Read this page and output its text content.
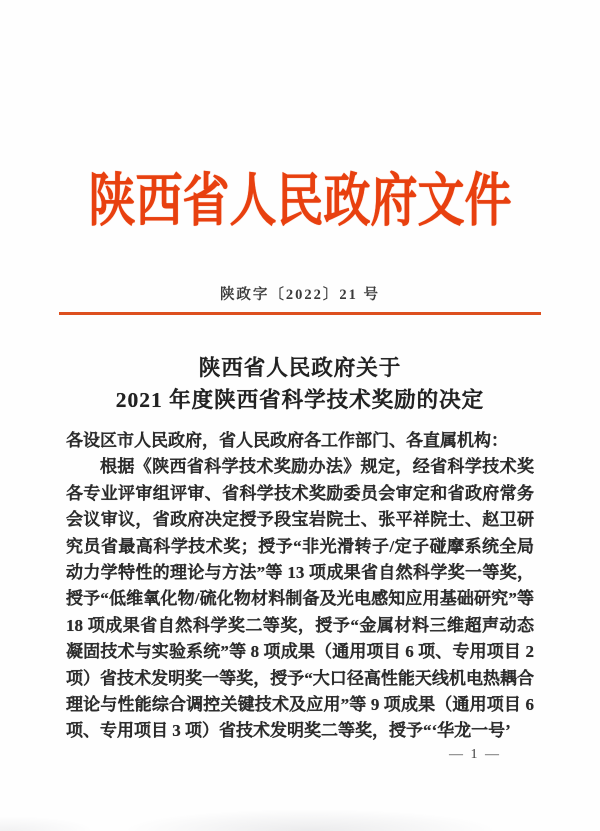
陕西省人民政府文件
陕政字〔2022〕21 号
陕西省人民政府关于
2021 年度陕西省科学技术奖励的决定
各设区市人民政府，省人民政府各工作部门、各直属机构：

根据《陕西省科学技术奖励办法》规定，经省科学技术奖各专业评审组评审、省科学技术奖励委员会审定和省政府常务会议审议，省政府决定授予段宝岩院士、张平祥院士、赵卫研究员省最高科学技术奖；授予“非光滑转子/定子碰摩系统全局动力学特性的理论与方法”等 13 项成果省自然科学奖一等奖，授予“低维氧化物/硫化物材料制备及光电感知应用基础研究”等 18 项成果省自然科学奖二等奖，授予“金属材料三维超声动态凝固技术与实验系统”等 8 项成果（通用项目 6 项、专用项目 2 项）省技术发明奖一等奖，授予“大口径高性能天线机电热耦合理论与性能综合调控关键技术及应用”等 9 项成果（通用项目 6 项、专用项目 3 项）省技术发明奖二等奖，授予“‘华龙一号’

— 1 —
